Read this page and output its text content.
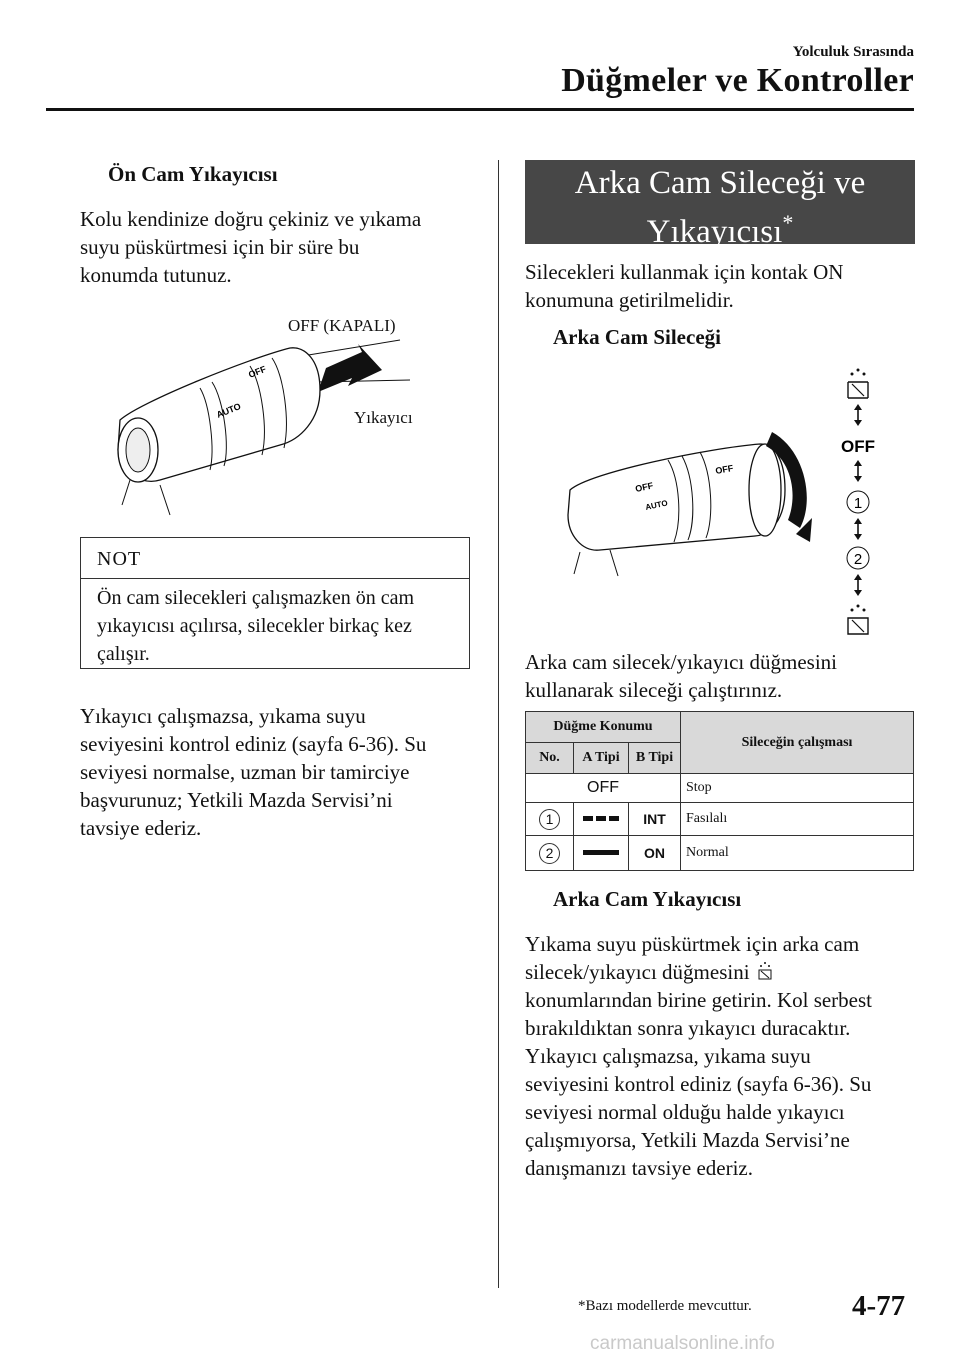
Yolculuk Sırasında
Düğmeler ve Kontroller
Ön Cam Yıkayıcısı
Kolu kendinize doğru çekiniz ve yıkama
suyu püskürtmesi için bir süre bu
konumda tutunuz.
OFF (KAPALI)
Yıkayıcı
AUTO
OFF
NOT
Ön cam silecekleri çalışmazken ön cam
yıkayıcısı açılırsa, silecekler birkaç kez
çalışır.
Yıkayıcı çalışmazsa, yıkama suyu
seviyesini kontrol ediniz (sayfa 6-36). Su
seviyesi normalse, uzman bir tamirciye
başvurunuz; Yetkili Mazda Servisi’ni
tavsiye ederiz.
Arka Cam Sileceği ve
Yıkayıcısı*
Silecekleri kullanmak için kontak ON
konumuna getirilmelidir.
Arka Cam Sileceği
OFF
AUTO
OFF
OFF
1
2
Arka cam silecek/yıkayıcı düğmesini
kullanarak sileceği çalıştırınız.
Düğme Konumu			Sileceğin çalışması
No.	A Tipi	B Tipi	
OFF			Stop
1		INT	Fasılalı
2		ON	Normal
Arka Cam Yıkayıcısı
Yıkama suyu püskürtmek için arka cam
silecek/yıkayıcı düğmesini
konumlarından birine getirin. Kol serbest
bırakıldıktan sonra yıkayıcı duracaktır.
Yıkayıcı çalışmazsa, yıkama suyu
seviyesini kontrol ediniz (sayfa 6-36). Su
seviyesi normal olduğu halde yıkayıcı
çalışmıyorsa, Yetkili Mazda Servisi’ne
danışmanızı tavsiye ederiz.
*Bazı modellerde mevcuttur.	4-77
carmanualsonline.info
